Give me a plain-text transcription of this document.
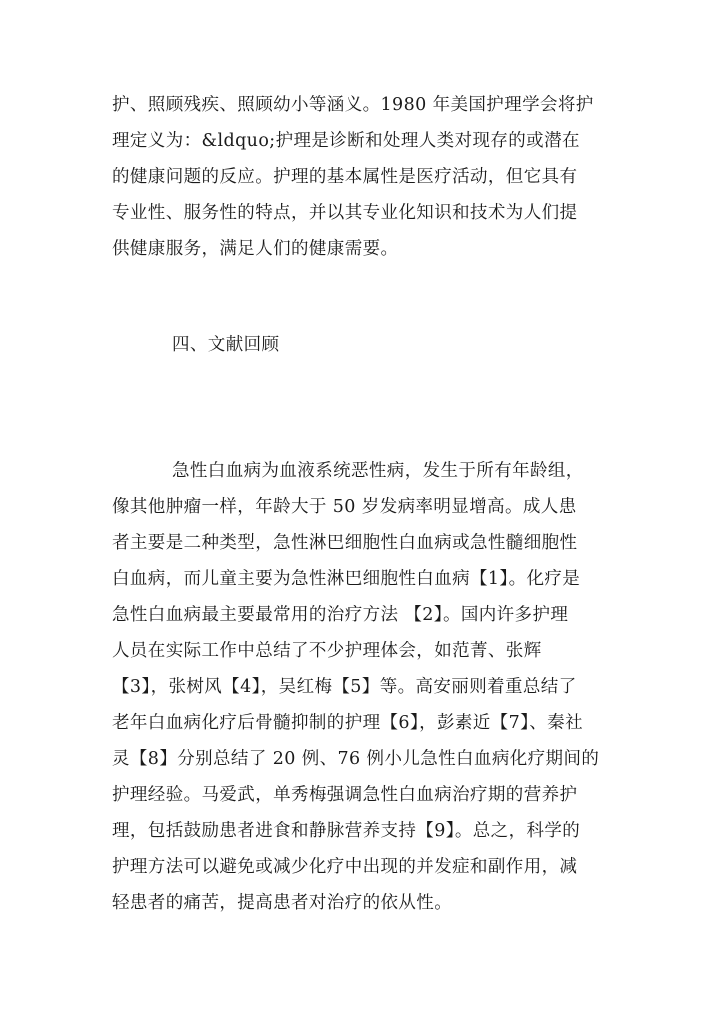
护、照顾残疾、照顾幼小等涵义。1980 年美国护理学会将护
理定义为：&ldquo;护理是诊断和处理人类对现存的或潜在
的健康问题的反应。护理的基本属性是医疗活动，但它具有
专业性、服务性的特点，并以其专业化知识和技术为人们提
供健康服务，满足人们的健康需要。
四、文献回顾
急性白血病为血液系统恶性病，发生于所有年龄组，
像其他肿瘤一样，年龄大于 50 岁发病率明显增高。成人患
者主要是二种类型，急性淋巴细胞性白血病或急性髓细胞性
白血病，而儿童主要为急性淋巴细胞性白血病【1】。化疗是
急性白血病最主要最常用的治疗方法 【2】。国内许多护理
人员在实际工作中总结了不少护理体会，如范菁、张辉
【3】，张树风【4】，吴红梅【5】等。高安丽则着重总结了
老年白血病化疗后骨髓抑制的护理【6】，彭素近【7】、秦社
灵【8】分别总结了 20 例、76 例小儿急性白血病化疗期间的
护理经验。马爱武，单秀梅强调急性白血病治疗期的营养护
理，包括鼓励患者进食和静脉营养支持【9】。总之，科学的
护理方法可以避免或减少化疗中出现的并发症和副作用，减
轻患者的痛苦，提高患者对治疗的依从性。
